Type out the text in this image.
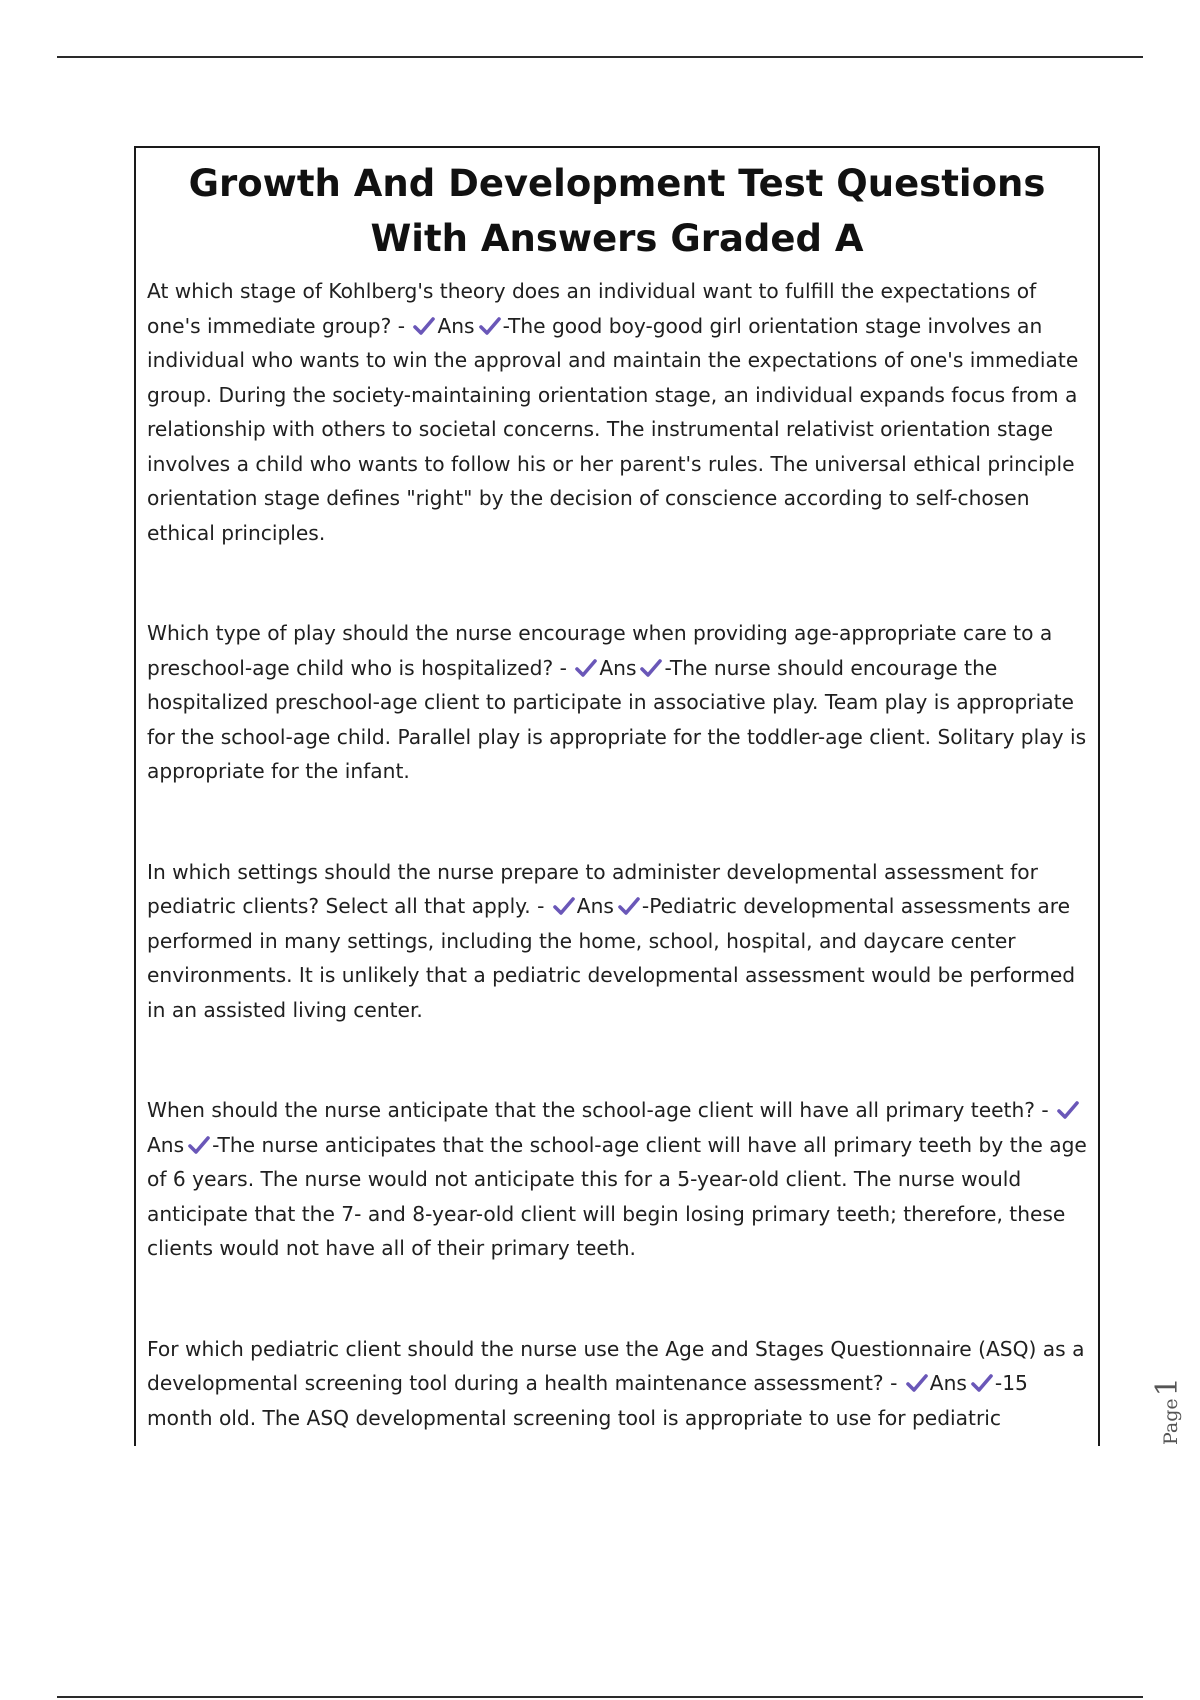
Growth And Development Test Questions With Answers Graded A

At which stage of Kohlberg's theory does an individual want to fulfill the expectations of one's immediate group? - Ans -The good boy-good girl orientation stage involves an individual who wants to win the approval and maintain the expectations of one's immediate group. During the society-maintaining orientation stage, an individual expands focus from a relationship with others to societal concerns. The instrumental relativist orientation stage involves a child who wants to follow his or her parent's rules. The universal ethical principle orientation stage defines "right" by the decision of conscience according to self-chosen ethical principles.

Which type of play should the nurse encourage when providing age-appropriate care to a preschool-age child who is hospitalized? - Ans -The nurse should encourage the hospitalized preschool-age client to participate in associative play. Team play is appropriate for the school-age child. Parallel play is appropriate for the toddler-age client. Solitary play is appropriate for the infant.

In which settings should the nurse prepare to administer developmental assessment for pediatric clients? Select all that apply. - Ans -Pediatric developmental assessments are performed in many settings, including the home, school, hospital, and daycare center environments. It is unlikely that a pediatric developmental assessment would be performed in an assisted living center.

When should the nurse anticipate that the school-age client will have all primary teeth? -
Ans -The nurse anticipates that the school-age client will have all primary teeth by the age of 6 years. The nurse would not anticipate this for a 5-year-old client. The nurse would anticipate that the 7- and 8-year-old client will begin losing primary teeth; therefore, these clients would not have all of their primary teeth.

For which pediatric client should the nurse use the Age and Stages Questionnaire (ASQ) as a developmental screening tool during a health maintenance assessment? - Ans -15 month old. The ASQ developmental screening tool is appropriate to use for pediatric	Page1
